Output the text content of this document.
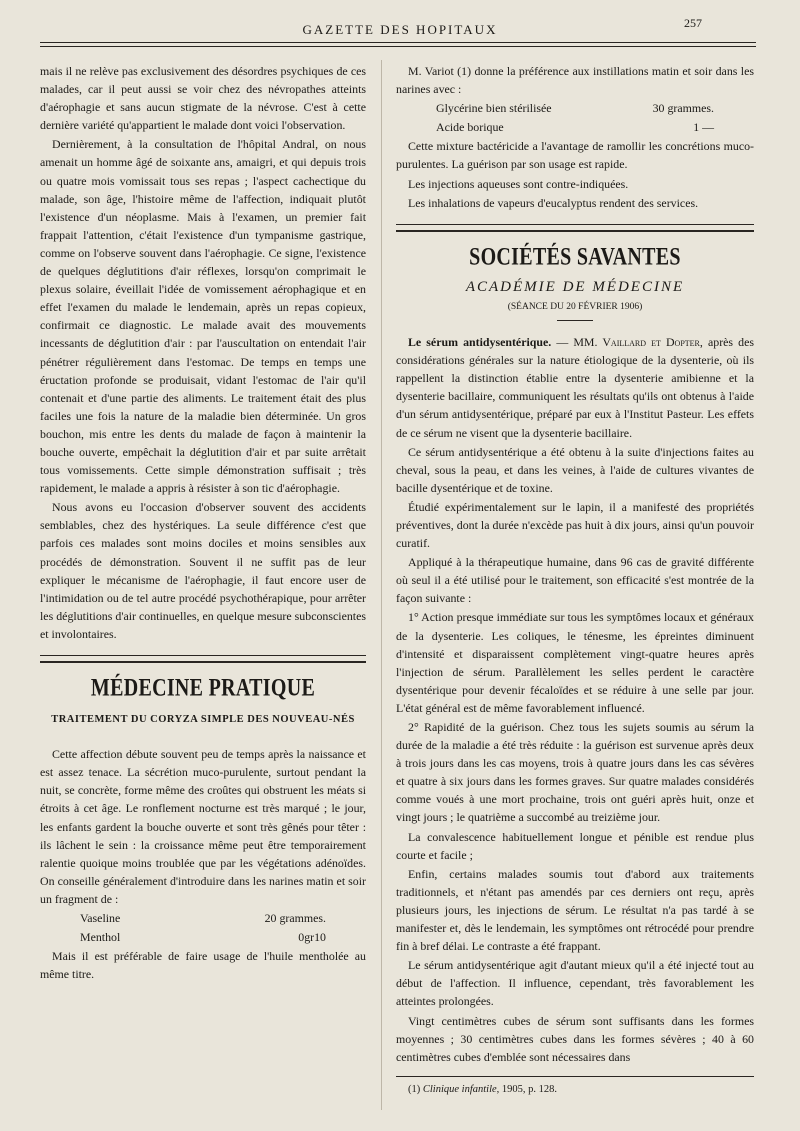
GAZETTE DES HOPITAUX	257

mais il ne relève pas exclusivement des désordres psychiques de ces malades, car il peut aussi se voir chez des névropathes atteints d'aérophagie et sans aucun stigmate de la névrose. C'est à cette dernière variété qu'appartient le malade dont voici l'observation.

Dernièrement, à la consultation de l'hôpital Andral, on nous amenait un homme âgé de soixante ans, amaigri, et qui depuis trois ou quatre mois vomissait tous ses repas ; l'aspect cachectique du malade, son âge, l'histoire même de l'affection, indiquait plutôt l'existence d'un néoplasme. Mais à l'examen, un premier fait frappait l'attention, c'était l'existence d'un tympanisme gastrique, comme on l'observe souvent dans l'aérophagie. Ce signe, l'existence de quelques déglutitions d'air réflexes, lorsqu'on comprimait le plexus solaire, éveillait l'idée de vomissement aérophagique et en effet l'examen du malade le lendemain, après un repas copieux, confirmait ce diagnostic. Le malade avait des mouvements incessants de déglutition d'air : par l'auscultation on entendait l'air pénétrer régulièrement dans l'estomac. De temps en temps une éructation profonde se produisait, vidant l'estomac de l'air qu'il contenait et d'une partie des aliments. Le traitement était des plus faciles une fois la nature de la maladie bien déterminée. Un gros bouchon, mis entre les dents du malade de façon à maintenir la bouche ouverte, empêchait la déglutition d'air et par suite arrêtait tous vomissements. Cette simple démonstration suffisait ; très rapidement, le malade a appris à résister à son tic d'aérophagie.

Nous avons eu l'occasion d'observer souvent des accidents semblables, chez des hystériques. La seule différence c'est que parfois ces malades sont moins dociles et moins sensibles aux procédés de démonstration. Souvent il ne suffit pas de leur expliquer le mécanisme de l'aérophagie, il faut encore user de l'intimidation ou de tel autre procédé psychothérapique, pour arrêter les déglutitions d'air continuelles, en quelque mesure subconscientes et involontaires.

MÉDECINE PRATIQUE
TRAITEMENT DU CORYZA SIMPLE DES NOUVEAU-NÉS

Cette affection débute souvent peu de temps après la naissance et est assez tenace. La sécrétion muco-purulente, surtout pendant la nuit, se concrète, forme même des croûtes qui obstruent les méats si étroits à cet âge. Le ronflement nocturne est très marqué ; le jour, les enfants gardent la bouche ouverte et sont très gênés pour têter : ils lâchent le sein : la croissance même peut être temporairement ralentie quoique moins troublée que par les végétations adénoïdes. On conseille généralement d'introduire dans les narines matin et soir un fragment de :

Vaseline	20 grammes.

Menthol	0gr10

Mais il est préférable de faire usage de l'huile mentholée au même titre.

M. Variot (1) donne la préférence aux instillations matin et soir dans les narines avec :

Glycérine bien stérilisée	30 grammes.

Acide borique	1 —

Cette mixture bactéricide a l'avantage de ramollir les concrétions muco-purulentes. La guérison par son usage est rapide.

Les injections aqueuses sont contre-indiquées.

Les inhalations de vapeurs d'eucalyptus rendent des services.

SOCIÉTÉS SAVANTES
ACADÉMIE DE MÉDECINE
(SÉANCE DU 20 FÉVRIER 1906)

Le sérum antidysentérique. — MM. Vaillard et Dopter, après des considérations générales sur la nature étiologique de la dysenterie, où ils rappellent la distinction établie entre la dysenterie amibienne et la dysenterie bacillaire, communiquent les résultats qu'ils ont obtenus à l'aide d'un sérum antidysentérique, préparé par eux à l'Institut Pasteur. Les effets de ce sérum ne visent que la dysenterie bacillaire.

Ce sérum antidysentérique a été obtenu à la suite d'injections faites au cheval, sous la peau, et dans les veines, à l'aide de cultures vivantes de bacille dysentérique et de toxine.

Étudié expérimentalement sur le lapin, il a manifesté des propriétés préventives, dont la durée n'excède pas huit à dix jours, ainsi qu'un pouvoir curatif.

Appliqué à la thérapeutique humaine, dans 96 cas de gravité différente où seul il a été utilisé pour le traitement, son efficacité s'est montrée de la façon suivante :

1° Action presque immédiate sur tous les symptômes locaux et généraux de la dysenterie. Les coliques, le ténesme, les épreintes diminuent d'intensité et disparaissent complètement vingt-quatre heures après l'injection de sérum. Parallèlement les selles perdent le caractère dysentérique pour devenir fécaloïdes et se réduire à une selle par jour. L'état général est de même favorablement influencé.

2° Rapidité de la guérison. Chez tous les sujets soumis au sérum la durée de la maladie a été très réduite : la guérison est survenue après deux à trois jours dans les cas moyens, trois à quatre jours dans les cas sévères et quatre à six jours dans les formes graves. Sur quatre malades considérés comme voués à une mort prochaine, trois ont guéri après huit, onze et vingt jours ; le quatrième a succombé au treizième jour.

La convalescence habituellement longue et pénible est rendue plus courte et facile ;

Enfin, certains malades soumis tout d'abord aux traitements traditionnels, et n'étant pas amendés par ces derniers ont reçu, après plusieurs jours, les injections de sérum. Le résultat n'a pas tardé à se manifester et, dès le lendemain, les symptômes ont rétrocédé pour prendre fin à bref délai. Le contraste a été frappant.

Le sérum antidysentérique agit d'autant mieux qu'il a été injecté tout au début de l'affection. Il influence, cependant, très favorablement les atteintes prolongées.

Vingt centimètres cubes de sérum sont suffisants dans les formes moyennes ; 30 centimètres cubes dans les formes sévères ; 40 à 60 centimètres cubes d'emblée sont nécessaires dans

(1) Clinique infantile, 1905, p. 128.
